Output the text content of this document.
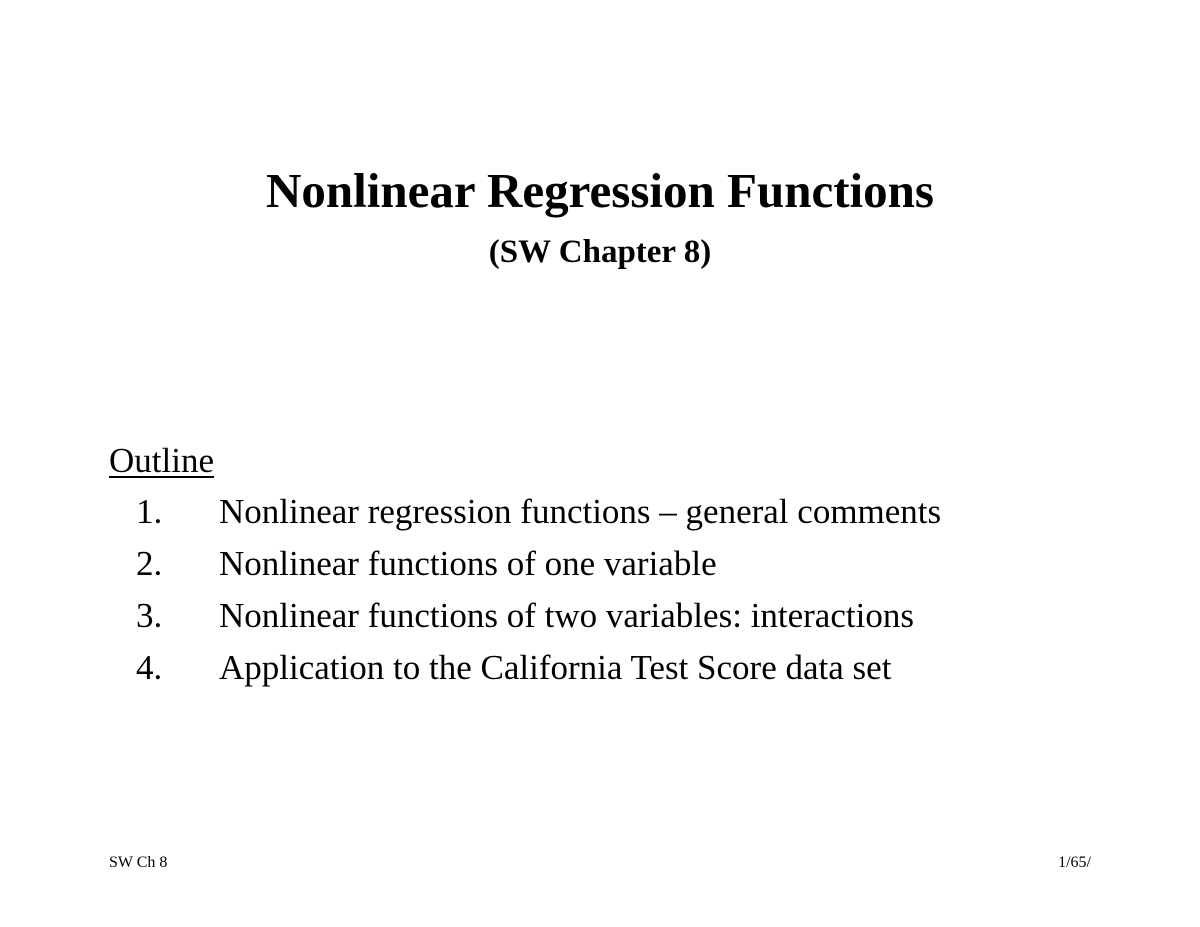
Nonlinear Regression Functions
(SW Chapter 8)
Outline
1.	Nonlinear regression functions – general comments
2.	Nonlinear functions of one variable
3.	Nonlinear functions of two variables: interactions
4.	Application to the California Test Score data set
SW Ch 8	1/65/
